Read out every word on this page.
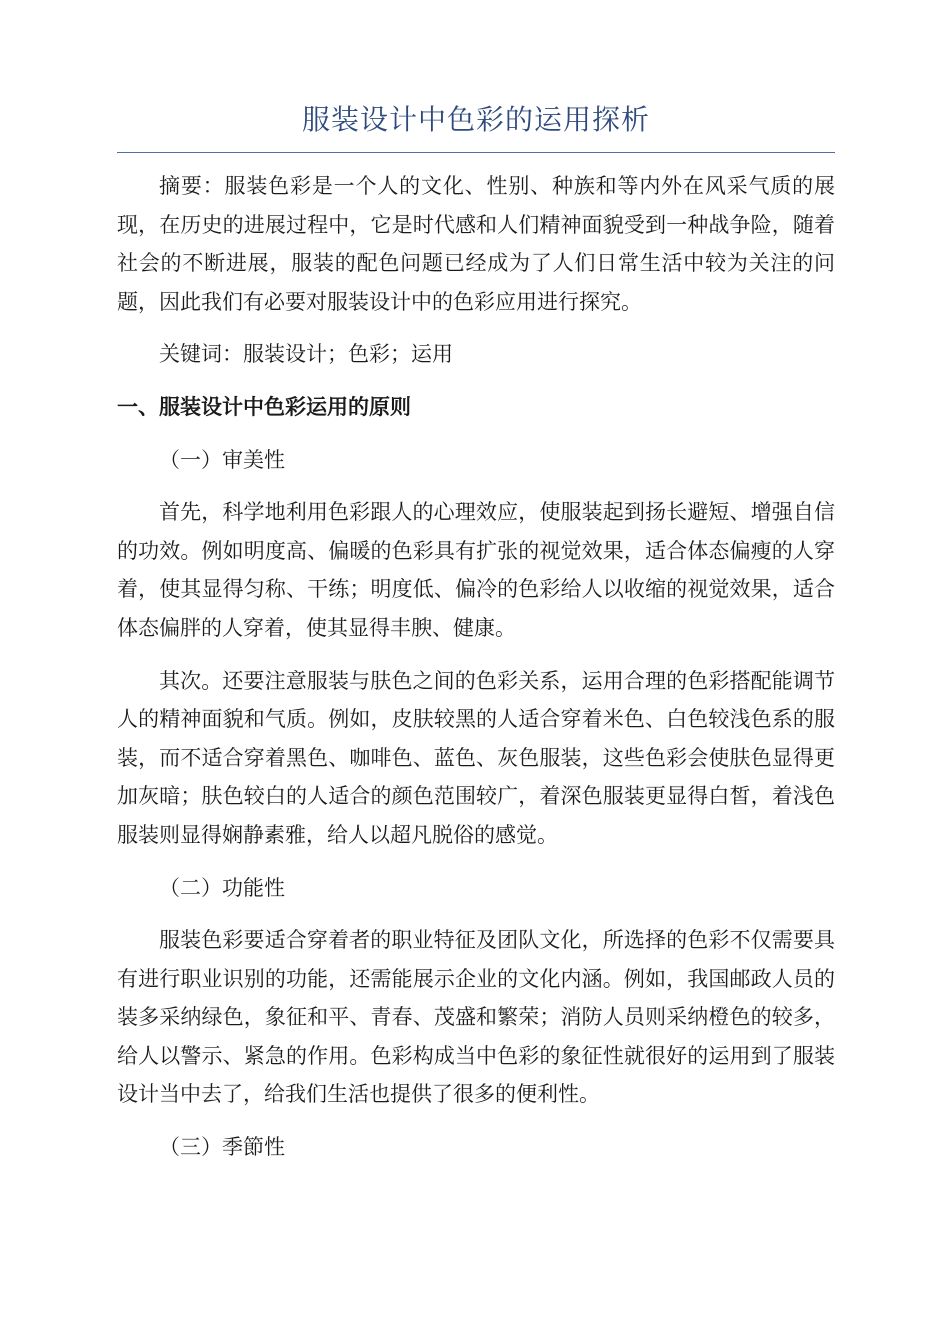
服装设计中色彩的运用探析

摘要：服装色彩是一个人的文化、性别、种族和等内外在风采气质的展现，在历史的进展过程中，它是时代感和人们精神面貌受到一种战争险，随着社会的不断进展，服装的配色问题已经成为了人们日常生活中较为关注的问题，因此我们有必要对服装设计中的色彩应用进行探究。

关键词：服装设计；色彩；运用

一、服装设计中色彩运用的原则
（一）审美性

首先，科学地利用色彩跟人的心理效应，使服装起到扬长避短、增强自信的功效。例如明度高、偏暖的色彩具有扩张的视觉效果，适合体态偏瘦的人穿着，使其显得匀称、干练；明度低、偏冷的色彩给人以收缩的视觉效果，适合体态偏胖的人穿着，使其显得丰腴、健康。

其次。还要注意服装与肤色之间的色彩关系，运用合理的色彩搭配能调节人的精神面貌和气质。例如，皮肤较黑的人适合穿着米色、白色较浅色系的服装，而不适合穿着黑色、咖啡色、蓝色、灰色服装，这些色彩会使肤色显得更加灰暗；肤色较白的人适合的颜色范围较广，着深色服装更显得白皙，着浅色服装则显得娴静素雅，给人以超凡脱俗的感觉。

（二）功能性

服装色彩要适合穿着者的职业特征及团队文化，所选择的色彩不仅需要具有进行职业识别的功能，还需能展示企业的文化内涵。例如，我国邮政人员的装多采纳绿色，象征和平、青春、茂盛和繁荣；消防人员则采纳橙色的较多，给人以警示、紧急的作用。色彩构成当中色彩的象征性就很好的运用到了服装设计当中去了，给我们生活也提供了很多的便利性。

（三）季節性
